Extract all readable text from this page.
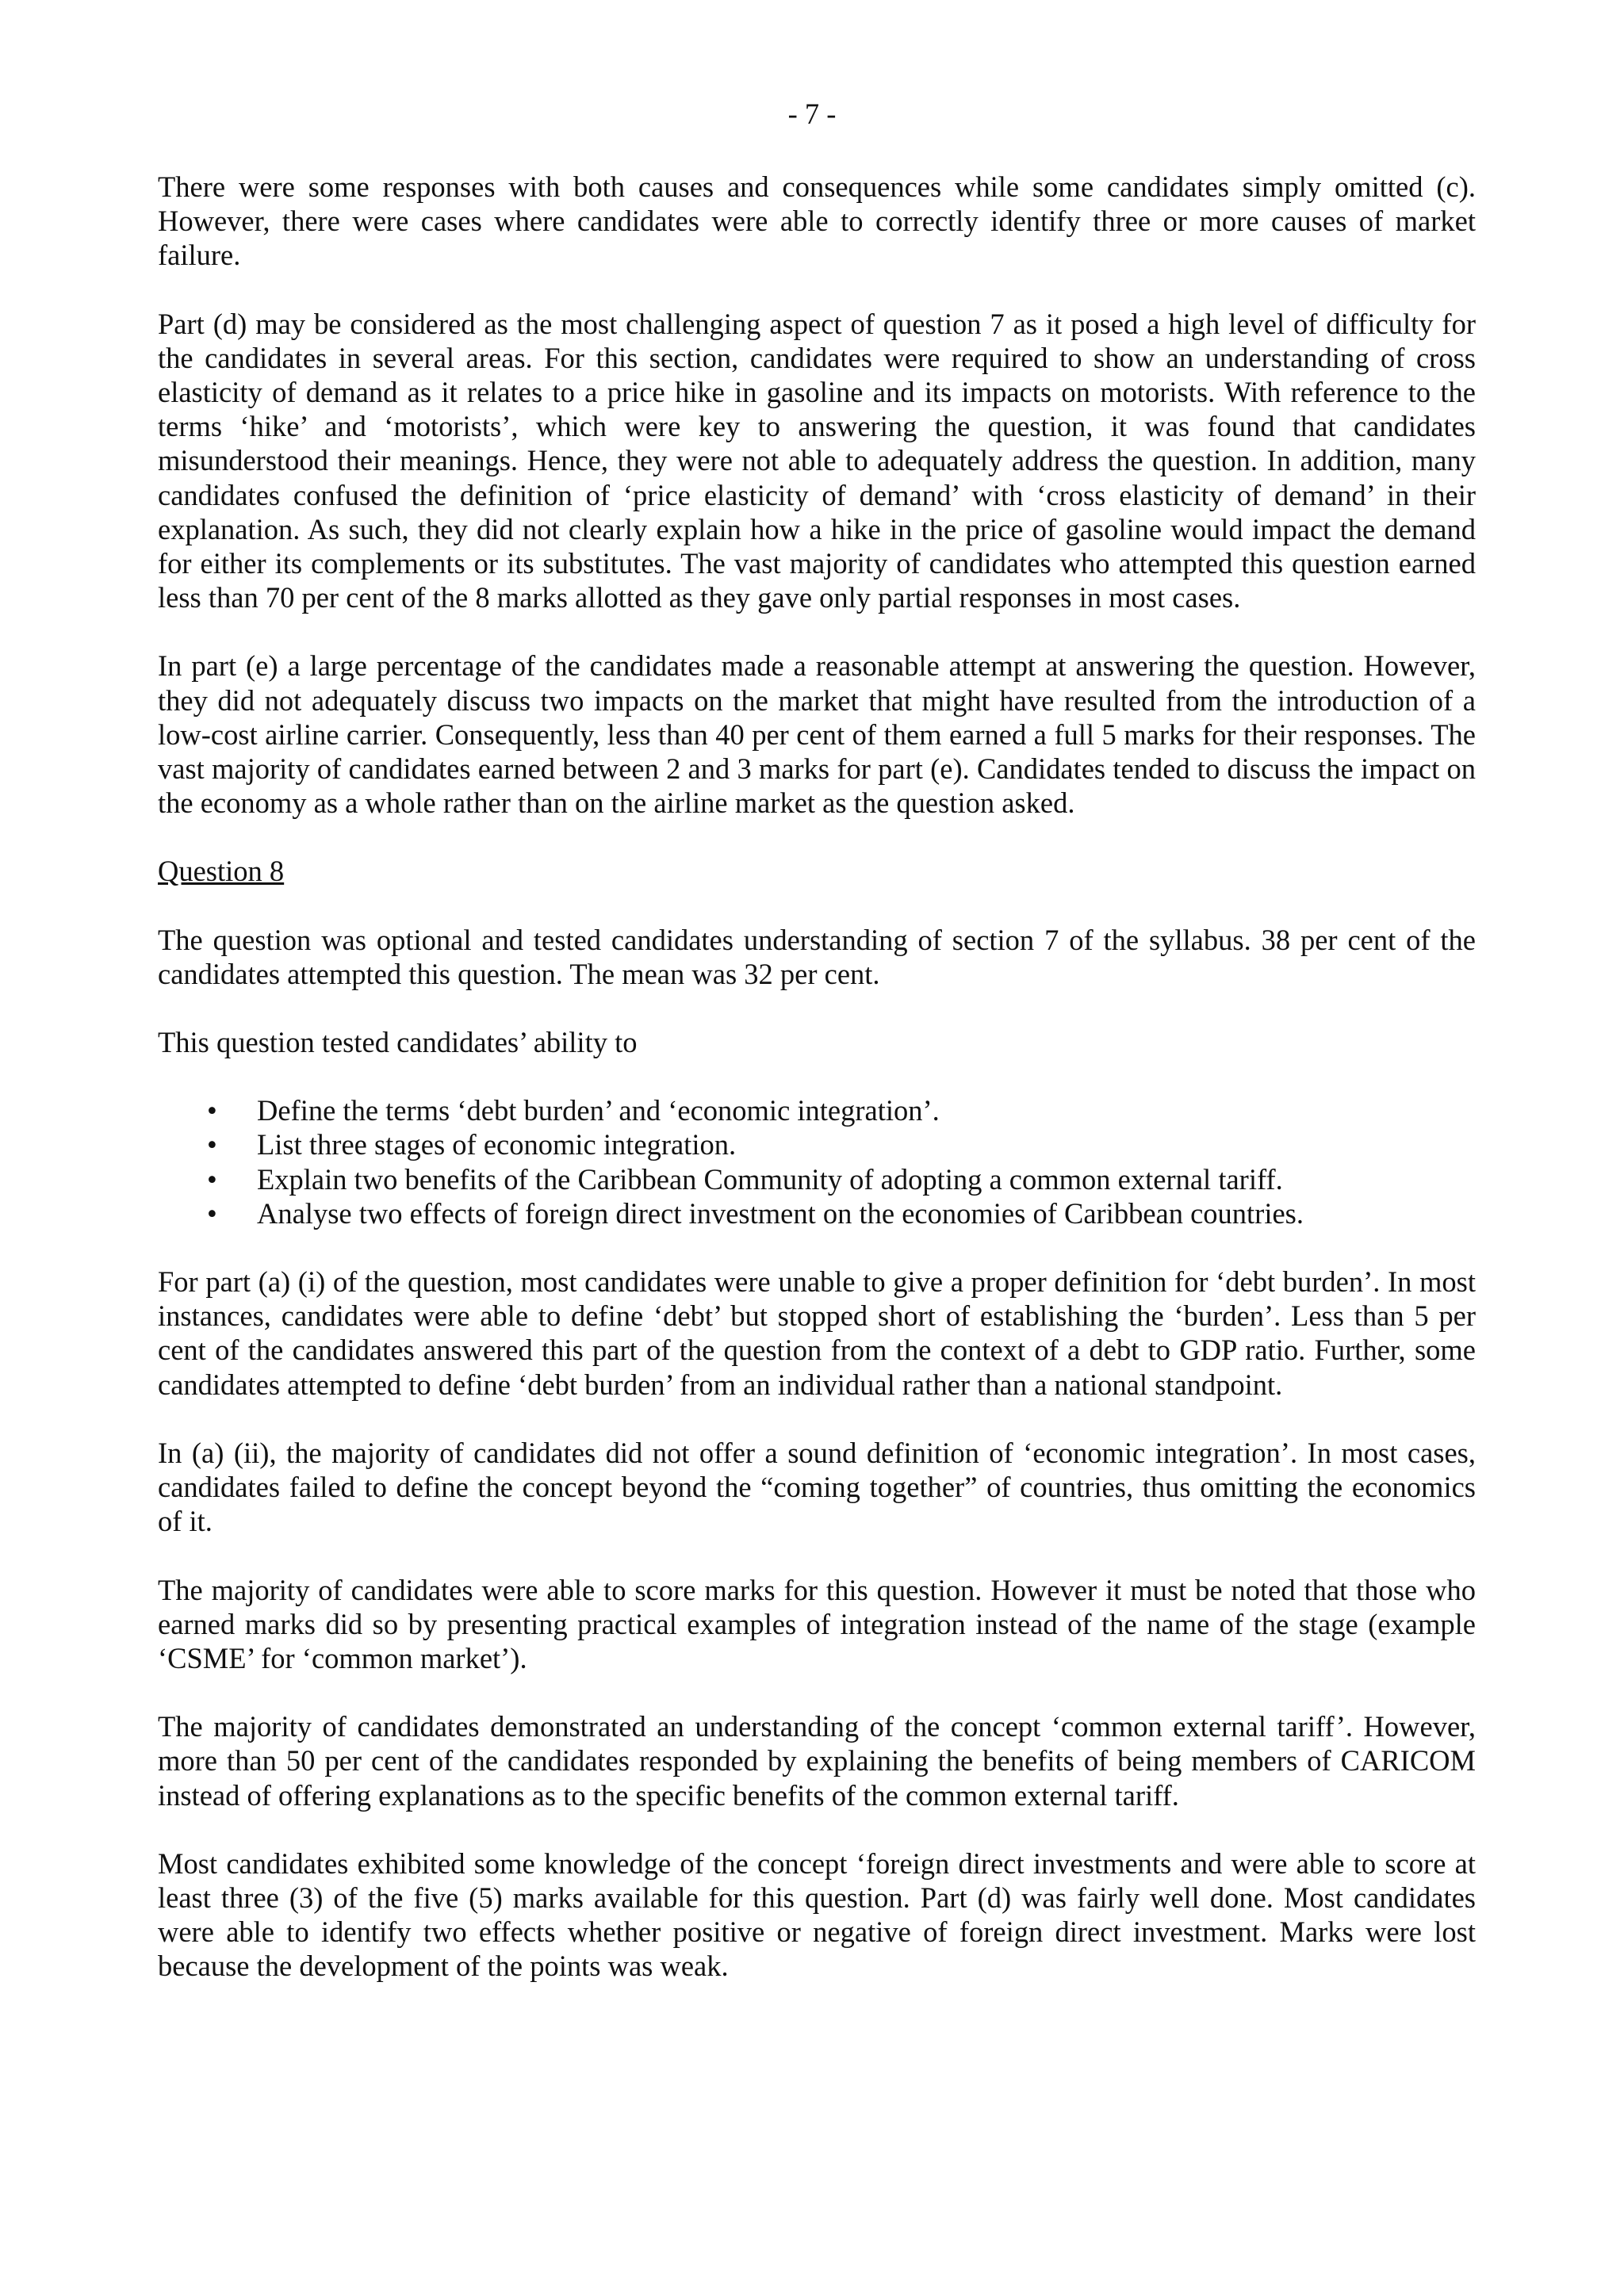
- 7 -

There were some responses with both causes and consequences while some candidates simply omitted (c). However, there were cases where candidates were able to correctly identify three or more causes of market failure.

Part (d) may be considered as the most challenging aspect of question 7 as it posed a high level of difficulty for the candidates in several areas. For this section, candidates were required to show an understanding of cross elasticity of demand as it relates to a price hike in gasoline and its impacts on motorists. With reference to the terms ‘hike’ and ‘motorists’, which were key to answering the question, it was found that candidates misunderstood their meanings. Hence, they were not able to adequately address the question. In addition, many candidates confused the definition of ‘price elasticity of demand’ with ‘cross elasticity of demand’ in their explanation. As such, they did not clearly explain how a hike in the price of gasoline would impact the demand for either its complements or its substitutes. The vast majority of candidates who attempted this question earned less than 70 per cent of the 8 marks allotted as they gave only partial responses in most cases.

In part (e) a large percentage of the candidates made a reasonable attempt at answering the question. However, they did not adequately discuss two impacts on the market that might have resulted from the introduction of a low-cost airline carrier. Consequently, less than 40 per cent of them earned a full 5 marks for their responses. The vast majority of candidates earned between 2 and 3 marks for part (e). Candidates tended to discuss the impact on the economy as a whole rather than on the airline market as the question asked.

Question 8

The question was optional and tested candidates understanding of section 7 of the syllabus. 38 per cent of the candidates attempted this question. The mean was 32 per cent.

This question tested candidates’ ability to

• Define the terms ‘debt burden’ and ‘economic integration’.
• List three stages of economic integration.
• Explain two benefits of the Caribbean Community of adopting a common external tariff.
• Analyse two effects of foreign direct investment on the economies of Caribbean countries.

For part (a) (i) of the question, most candidates were unable to give a proper definition for ‘debt burden’. In most instances, candidates were able to define ‘debt’ but stopped short of establishing the ‘burden’. Less than 5 per cent of the candidates answered this part of the question from the context of a debt to GDP ratio. Further, some candidates attempted to define ‘debt burden’ from an individual rather than a national standpoint.

In (a) (ii), the majority of candidates did not offer a sound definition of ‘economic integration’. In most cases, candidates failed to define the concept beyond the “coming together” of countries, thus omitting the economics of it.

The majority of candidates were able to score marks for this question. However it must be noted that those who earned marks did so by presenting practical examples of integration instead of the name of the stage (example ‘CSME’ for ‘common market’).

The majority of candidates demonstrated an understanding of the concept ‘common external tariff’. However, more than 50 per cent of the candidates responded by explaining the benefits of being members of CARICOM instead of offering explanations as to the specific benefits of the common external tariff.

Most candidates exhibited some knowledge of the concept ‘foreign direct investments and were able to score at least three (3) of the five (5) marks available for this question. Part (d) was fairly well done. Most candidates were able to identify two effects whether positive or negative of foreign direct investment. Marks were lost because the development of the points was weak.
